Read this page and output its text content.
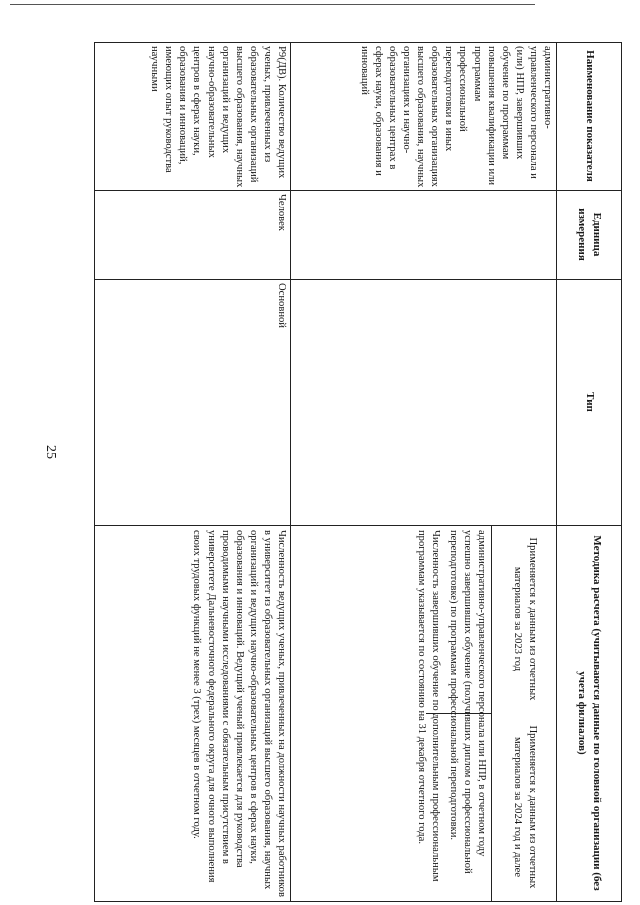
25
Наименование показателя
Единица измерения
Тип
Методика расчета (учитываются данные по головной организации (без учета филиалов)
Применяется к данным из отчетных материалов за 2023 год
Применяется к данным из отчетных материалов за 2024 год и далее
административно-управленческого персонала и (или) НПР, завершивших обучение по программам повышения квалификации или программам профессиональной переподготовки в иных образовательных организациях высшего образования, научных организациях и научно-образовательных центрах в сферах науки, образования и инноваций

административно-управленческого персонала или НПР, в отчетном году успешно завершивших обучение (получивших диплом о профессиональной переподготовке) по программам профессиональной переподготовки.

Численность завершивших обучение по дополнительным профессиональным программам указывается по состоянию на 31 декабря отчетного года.

Р9(ДВ). Количество ведущих ученых, привлеченных из образовательных организаций высшего образования, научных организаций и ведущих научно-образовательных центров в сферах науки, образования и инноваций, имеющих опыт руководства научными
Человек
Основной
Численность ведущих ученых, привлеченных на должности научных работников в университет из образовательных организаций высшего образования, научных организаций и ведущих научно-образовательных центров в сферах науки, образования и инноваций. Ведущий ученый привлекается для руководства проводимыми научными исследованиями с обязательным присутствием в университете Дальневосточного федерального округа для очного выполнения своих трудовых функций не менее 3 (трех) месяцев в отчетном году.
